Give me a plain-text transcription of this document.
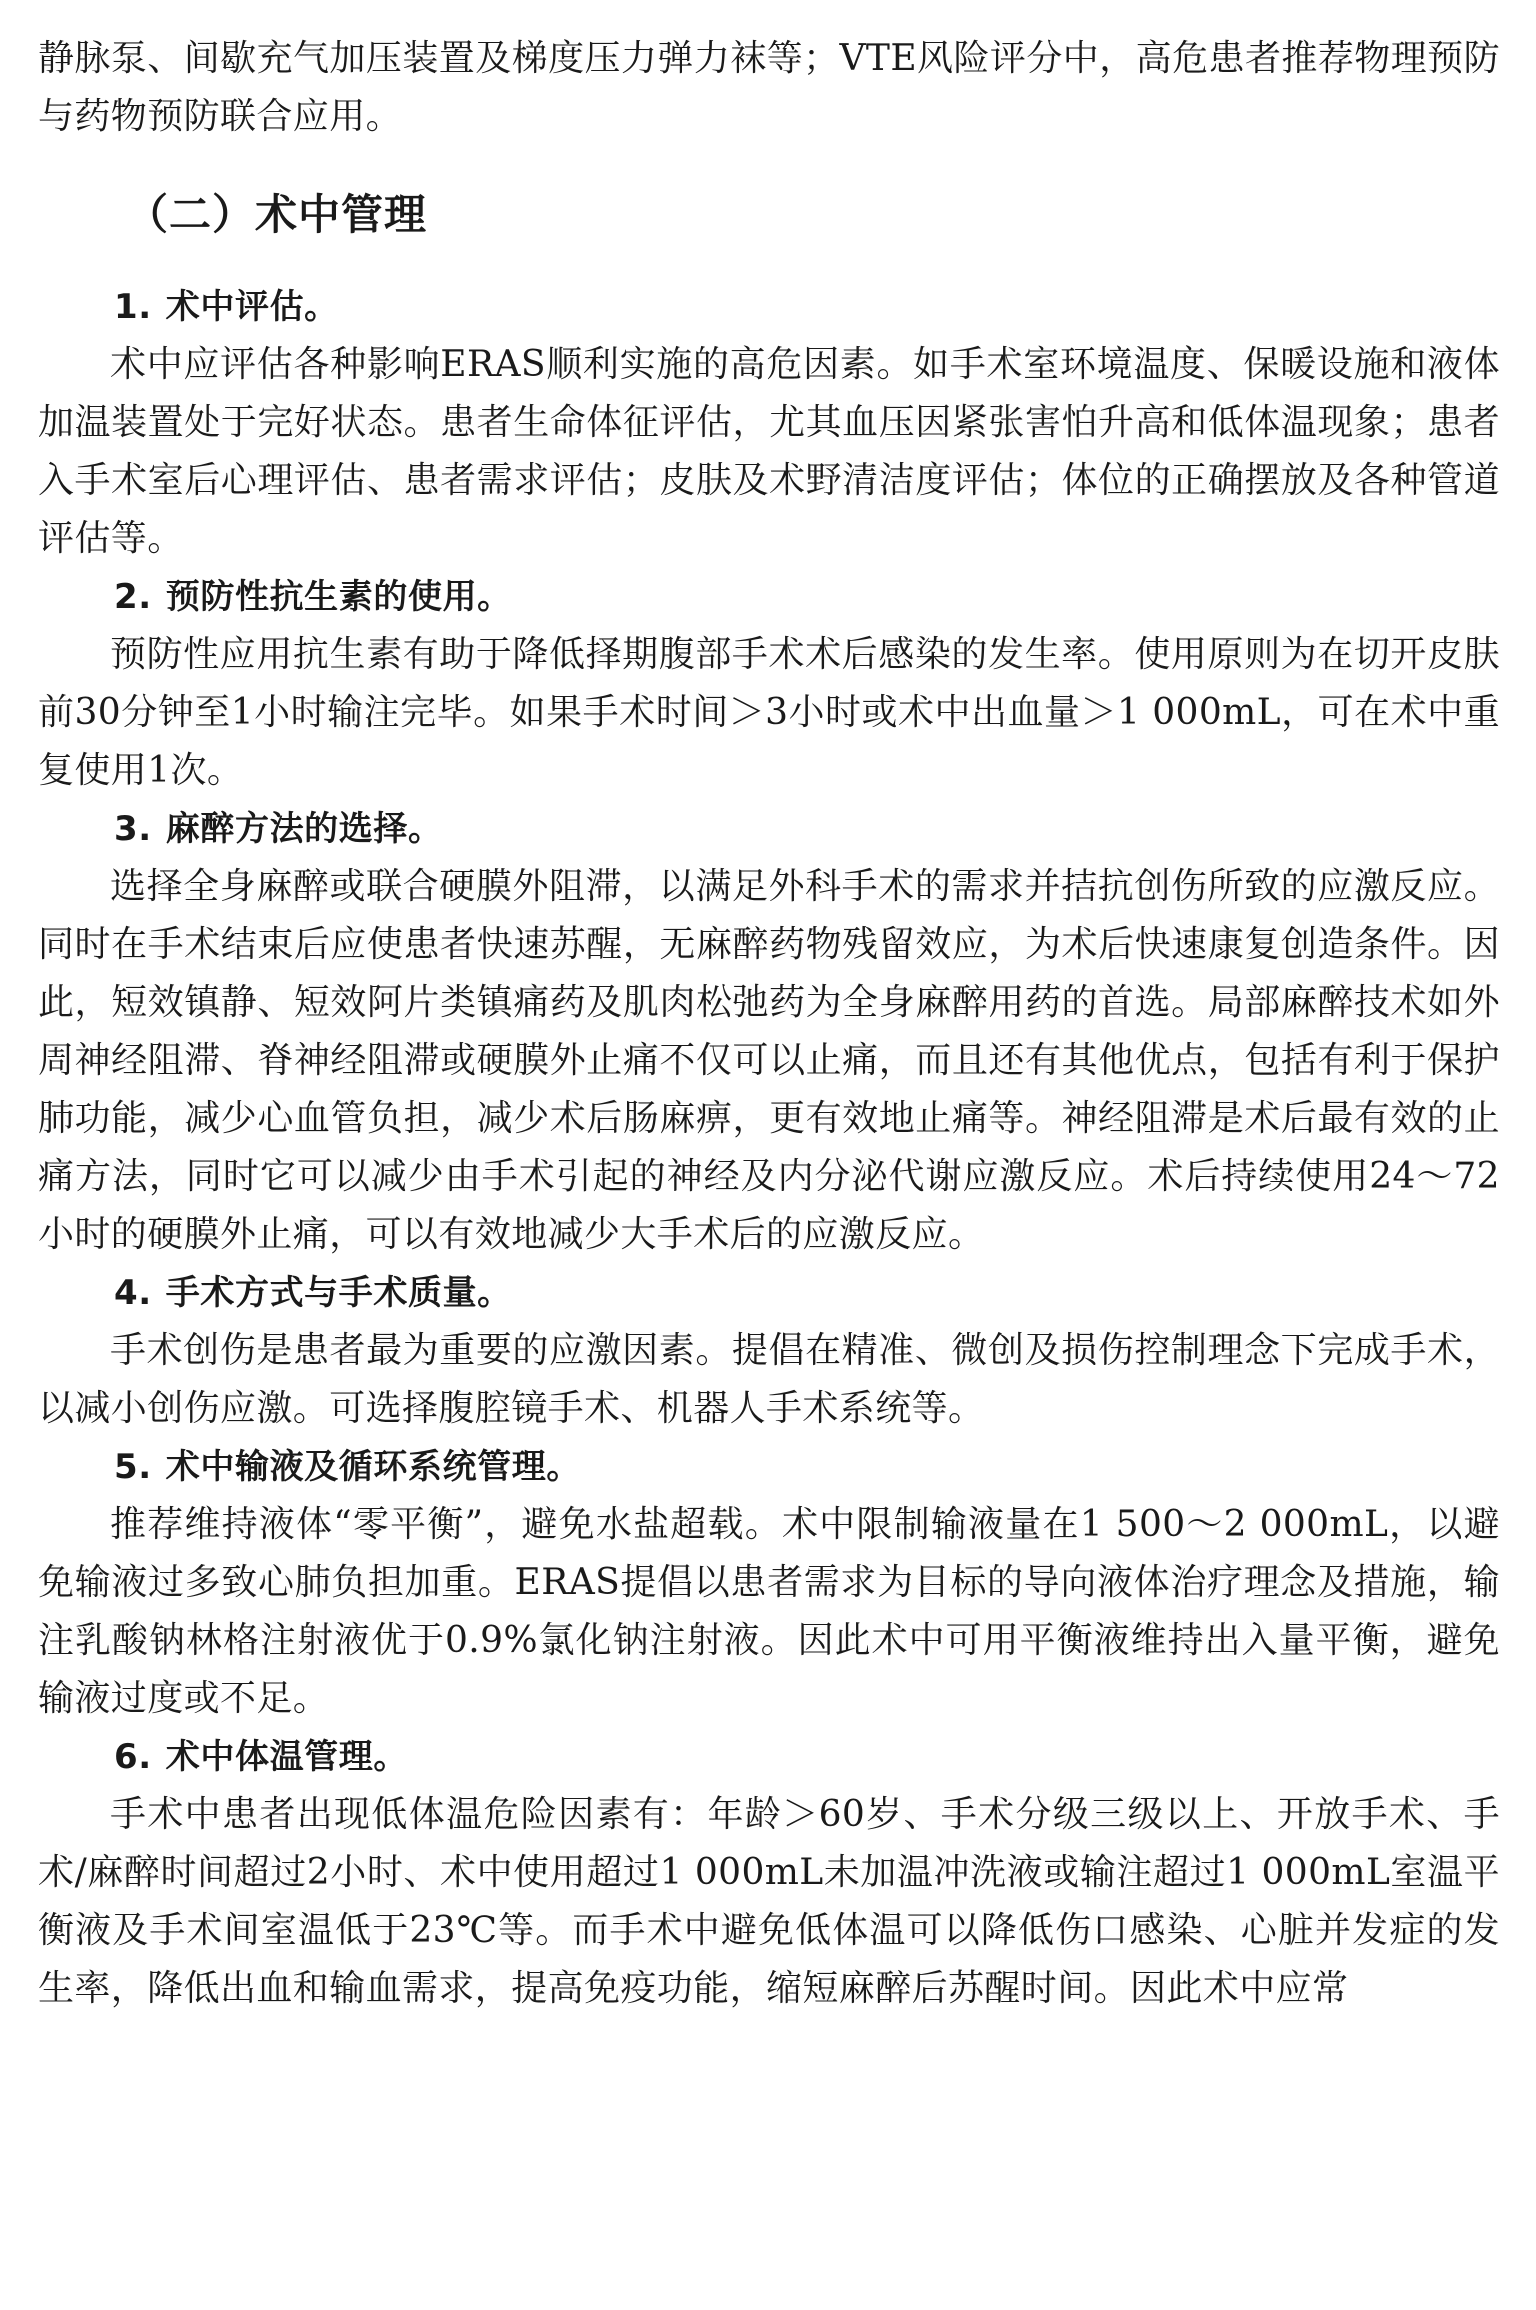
静脉泵、间歇充气加压装置及梯度压力弹力袜等；VTE风险评分中，高危患者推荐物理预防与药物预防联合应用。

（二）术中管理
1. 术中评估。

术中应评估各种影响ERAS顺利实施的高危因素。如手术室环境温度、保暖设施和液体加温装置处于完好状态。患者生命体征评估，尤其血压因紧张害怕升高和低体温现象；患者入手术室后心理评估、患者需求评估；皮肤及术野清洁度评估；体位的正确摆放及各种管道评估等。

2. 预防性抗生素的使用。

预防性应用抗生素有助于降低择期腹部手术术后感染的发生率。使用原则为在切开皮肤前30分钟至1小时输注完毕。如果手术时间＞3小时或术中出血量＞1 000mL，可在术中重复使用1次。

3. 麻醉方法的选择。

选择全身麻醉或联合硬膜外阻滞，以满足外科手术的需求并拮抗创伤所致的应激反应。同时在手术结束后应使患者快速苏醒，无麻醉药物残留效应，为术后快速康复创造条件。因此，短效镇静、短效阿片类镇痛药及肌肉松弛药为全身麻醉用药的首选。局部麻醉技术如外周神经阻滞、脊神经阻滞或硬膜外止痛不仅可以止痛，而且还有其他优点，包括有利于保护肺功能，减少心血管负担，减少术后肠麻痹，更有效地止痛等。神经阻滞是术后最有效的止痛方法，同时它可以减少由手术引起的神经及内分泌代谢应激反应。术后持续使用24～72小时的硬膜外止痛，可以有效地减少大手术后的应激反应。

4. 手术方式与手术质量。

手术创伤是患者最为重要的应激因素。提倡在精准、微创及损伤控制理念下完成手术，以减小创伤应激。可选择腹腔镜手术、机器人手术系统等。

5. 术中输液及循环系统管理。

推荐维持液体“零平衡”，避免水盐超载。术中限制输液量在1 500～2 000mL，以避免输液过多致心肺负担加重。ERAS提倡以患者需求为目标的导向液体治疗理念及措施，输注乳酸钠林格注射液优于0.9%氯化钠注射液。因此术中可用平衡液维持出入量平衡，避免输液过度或不足。

6. 术中体温管理。

手术中患者出现低体温危险因素有：年龄＞60岁、手术分级三级以上、开放手术、手术/麻醉时间超过2小时、术中使用超过1 000mL未加温冲洗液或输注超过1 000mL室温平衡液及手术间室温低于23℃等。而手术中避免低体温可以降低伤口感染、心脏并发症的发生率，降低出血和输血需求，提高免疫功能，缩短麻醉后苏醒时间。因此术中应常
